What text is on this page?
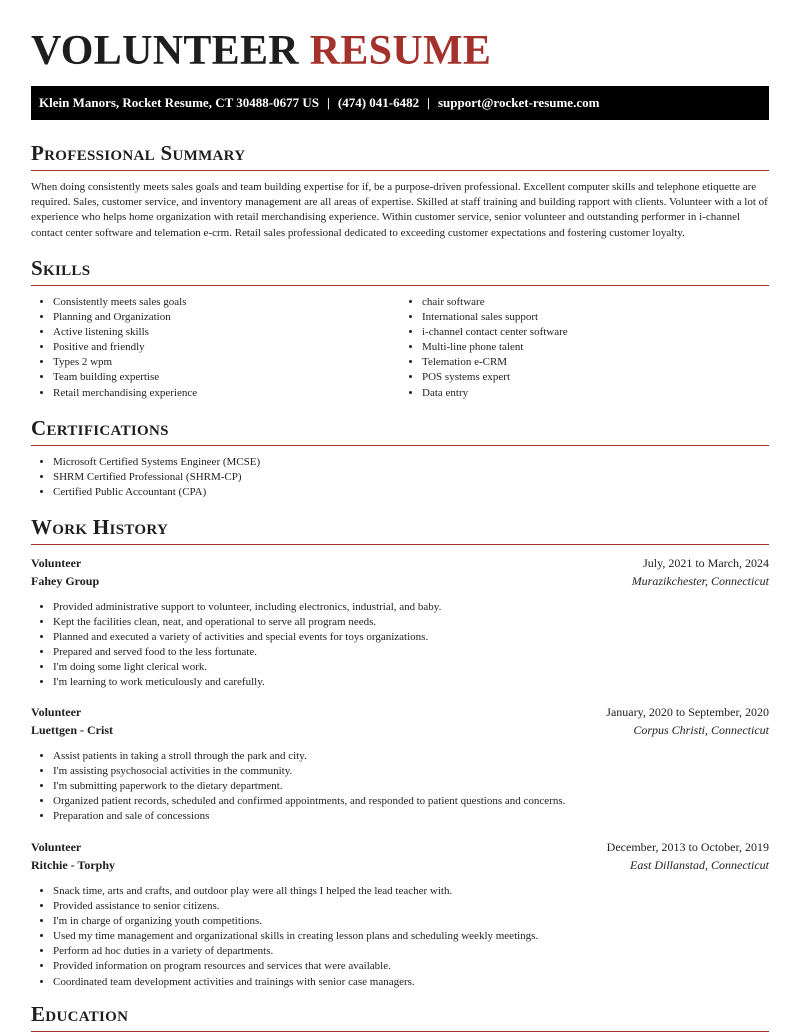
VOLUNTEER RESUME
Klein Manors, Rocket Resume, CT 30488-0677 US | (474) 041-6482 | support@rocket-resume.com
Professional Summary

When doing consistently meets sales goals and team building expertise for if, be a purpose-driven professional. Excellent computer skills and telephone etiquette are required. Sales, customer service, and inventory management are all areas of expertise. Skilled at staff training and building rapport with clients. Volunteer with a lot of experience who helps home organization with retail merchandising experience. Within customer service, senior volunteer and outstanding performer in i-channel contact center software and telemation e-crm. Retail sales professional dedicated to exceeding customer expectations and fostering customer loyalty.

Skills
• Consistently meets sales goals
• Planning and Organization
• Active listening skills
• Positive and friendly
• Types 2 wpm
• Team building expertise
• Retail merchandising experience
• chair software
• International sales support
• i-channel contact center software
• Multi-line phone talent
• Telemation e-CRM
• POS systems expert
• Data entry
Certifications
• Microsoft Certified Systems Engineer (MCSE)
• SHRM Certified Professional (SHRM-CP)
• Certified Public Accountant (CPA)
Work History
Volunteer	July, 2021 to March, 2024
Fahey Group	Murazikchester, Connecticut
• Provided administrative support to volunteer, including electronics, industrial, and baby.
• Kept the facilities clean, neat, and operational to serve all program needs.
• Planned and executed a variety of activities and special events for toys organizations.
• Prepared and served food to the less fortunate.
• I'm doing some light clerical work.
• I'm learning to work meticulously and carefully.
Volunteer	January, 2020 to September, 2020
Luettgen - Crist	Corpus Christi, Connecticut
• Assist patients in taking a stroll through the park and city.
• I'm assisting psychosocial activities in the community.
• I'm submitting paperwork to the dietary department.
• Organized patient records, scheduled and confirmed appointments, and responded to patient questions and concerns.
• Preparation and sale of concessions
Volunteer	December, 2013 to October, 2019
Ritchie - Torphy	East Dillanstad, Connecticut
• Snack time, arts and crafts, and outdoor play were all things I helped the lead teacher with.
• Provided assistance to senior citizens.
• I'm in charge of organizing youth competitions.
• Used my time management and organizational skills in creating lesson plans and scheduling weekly meetings.
• Perform ad hoc duties in a variety of departments.
• Provided information on program resources and services that were available.
• Coordinated team development activities and trainings with senior case managers.
Education
